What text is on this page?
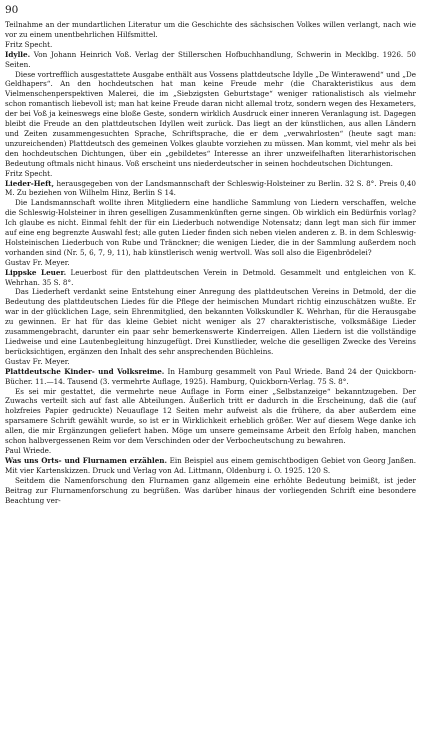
90

Teilnahme an der mundartlichen Literatur um die Geschichte des sächsischen Volkes willen verlangt, nach wie vor zu einem unentbehrlichen Hilfsmittel.

Fritz Specht.

Idylle. Von Johann Heinrich Voß. Verlag der Stillerschen Hofbuchhandlung, Schwerin in Mecklbg. 1926. 50 Seiten.

Diese vortrefflich ausgestattete Ausgabe enthält aus Vossens plattdeutsche Idylle „De Winterawend“ und „De Geldhapers“. An den hochdeutschen hat man keine Freude mehr (die Charakteristikus aus dem Vielmenschenperspektiven Malerei, die im „Siebzigsten Geburtstage“ weniger rationalistisch als vielmehr schon romantisch liebevoll ist; man hat keine Freude daran nicht allemal trotz, sondern wegen des Hexameters, der bei Voß ja keineswegs eine bloße Geste, sondern wirklich Ausdruck einer inneren Veranlagung ist. Dagegen bleibt die Freude an den plattdeutschen Idyllen weit zurück. Das liegt an der künstlichen, aus allen Ländern und Zeiten zusammengesuchten Sprache, Schriftsprache, die er dem „verwahrlosten“ (heute sagt man: unzureichenden) Plattdeutsch des gemeinen Volkes glaubte vorziehen zu müssen. Man kommt, viel mehr als bei den hochdeutschen Dichtungen, über ein „gebildetes“ Interesse an ihrer unzweifelhaften literarhistorischen Bedeutung oftmals nicht hinaus. Voß erscheint uns niederdeutscher in seinen hochdeutschen Dichtungen.

Fritz Specht.

Lieder-Heft, herausgegeben von der Landsmannschaft der Schleswig-Holsteiner zu Berlin. 32 S. 8°. Preis 0,40 M. Zu beziehen von Wilhelm Hinz, Berlin S 14.

Die Landsmannschaft wollte ihren Mitgliedern eine handliche Sammlung von Liedern verschaffen, welche die Schleswig-Holsteiner in ihren geselligen Zusammenkünften gerne singen. Ob wirklich ein Bedürfnis vorlag? Ich glaube es nicht. Einmal fehlt der für ein Liederbuch notwendige Notensatz; dann legt man sich für immer auf eine eng begrenzte Auswahl fest; alle guten Lieder finden sich neben vielen anderen z. B. in dem Schleswig-Holsteinischen Liederbuch von Rube und Tränckner; die wenigen Lieder, die in der Sammlung außerdem noch vorhanden sind (Nr. 5, 6, 7, 9, 11), hab künstlerisch wenig wertvoll. Was soll also die Eigenbrödelei?

Gustav Fr. Meyer.

Lippske Leuer. Leuerbost für den plattdeutschen Verein in Detmold. Gesammelt und entgleichen von K. Wehrhan. 35 S. 8°.

Das Liederheft verdankt seine Entstehung einer Anregung des plattdeutschen Vereins in Detmold, der die Bedeutung des plattdeutschen Liedes für die Pflege der heimischen Mundart richtig einzuschätzen wußte. Er war in der glücklichen Lage, sein Ehrenmitglied, den bekannten Volkskundler K. Wehrhan, für die Herausgabe zu gewinnen. Er hat für das kleine Gebiet nicht weniger als 27 charakteristische, volksmäßige Lieder zusammengebracht, darunter ein paar sehr bemerkenswerte Kinderreigen. Allen Liedern ist die vollständige Liedweise und eine Lautenbegleitung hinzugefügt. Drei Kunstlieder, welche die geselligen Zwecke des Vereins berücksichtigen, ergänzen den Inhalt des sehr ansprechenden Büchleins.

Gustav Fr. Meyer.

Plattdeutsche Kinder- und Volksreime. In Hamburg gesammelt von Paul Wriede. Band 24 der Quickborn-Bücher. 11.—14. Tausend (3. vermehrte Auflage, 1925). Hamburg, Quickborn-Verlag. 75 S. 8°.

Es sei mir gestattet, die vermehrte neue Auflage in Form einer „Selbstanzeige“ bekanntzugeben. Der Zuwachs verteilt sich auf fast alle Abteilungen. Äußerlich tritt er dadurch in die Erscheinung, daß die (auf holzfreies Papier gedruckte) Neuauflage 12 Seiten mehr aufweist als die frühere, da aber außerdem eine sparsamere Schrift gewählt wurde, so ist er in Wirklichkeit erheblich größer. Wer auf diesem Wege danke ich allen, die mir Ergänzungen geliefert haben. Möge um unsere gemeinsame Arbeit den Erfolg haben, manchen schon halbvergessenen Reim vor dem Verschinden oder der Verbocheutschung zu bewahren.

Paul Wriede.

Was uns Orts- und Flurnamen erzählen. Ein Beispiel aus einem gemischtbodigen Gebiet von Georg Janßen. Mit vier Kartenskizzen. Druck und Verlag von Ad. Littmann, Oldenburg i. O. 1925. 120 S.

Seitdem die Namenforschung den Flurnamen ganz allgemein eine erhöhte Bedeutung beimißt, ist jeder Beitrag zur Flurnamenforschung zu begrüßen. Was darüber hinaus der vorliegenden Schrift eine besondere Beachtung ver-
